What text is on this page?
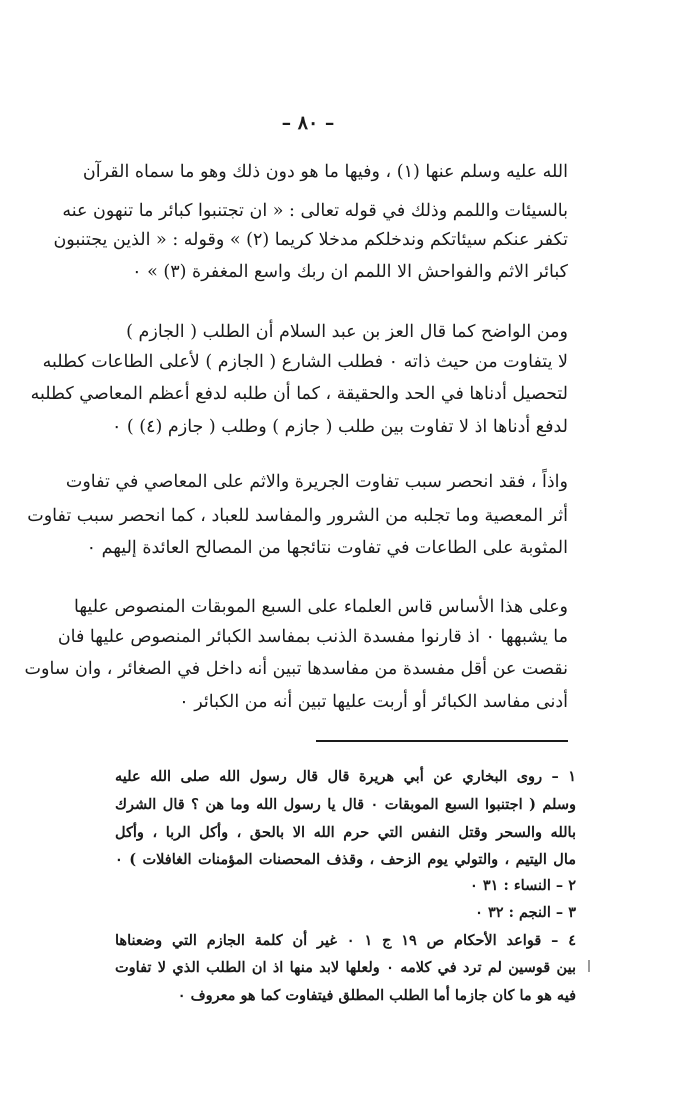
– ٨٠ –
الله عليه وسلم عنها (١) ، وفيها ما هو دون ذلك وهو ما سماه القرآن
بالسيئات واللمم وذلك في قوله تعالى : « ان تجتنبوا كبائر ما تنهون عنه
تكفر عنكم سيئاتكم وندخلكم مدخلا كريما (٢) » وقوله : « الذين يجتنبون
كبائر الاثم والفواحش الا اللمم ان ربك واسع المغفرة (٣) » ٠
ومن الواضح كما قال العز بن عبد السلام أن الطلب ( الجازم )
لا يتفاوت من حيث ذاته ٠ فطلب الشارع ( الجازم ) لأعلى الطاعات كطلبه
لتحصيل أدناها في الحد والحقيقة ، كما أن طلبه لدفع أعظم المعاصي كطلبه
لدفع أدناها اذ لا تفاوت بين طلب ( جازم ) وطلب ( جازم (٤) ) ٠
واذاً ، فقد انحصر سبب تفاوت الجريرة والاثم على المعاصي في تفاوت
أثر المعصية وما تجلبه من الشرور والمفاسد للعباد ، كما انحصر سبب تفاوت
المثوبة على الطاعات في تفاوت نتائجها من المصالح العائدة إليهم ٠
وعلى هذا الأساس قاس العلماء على السبع الموبقات المنصوص عليها
ما يشبهها ٠ اذ قارنوا مفسدة الذنب بمفاسد الكبائر المنصوص عليها فان
نقصت عن أقل مفسدة من مفاسدها تبين أنه داخل في الصغائر ، وان ساوت
أدنى مفاسد الكبائر أو أربت عليها تبين أنه من الكبائر ٠
١ – روى البخاري عن أبي هريرة قال قال رسول الله صلى الله عليه
وسلم ( اجتنبوا السبع الموبقات ٠ قال يا رسول الله وما هن ؟ قال الشرك
بالله والسحر وقتل النفس التي حرم الله الا بالحق ، وأكل الربا ، وأكل
مال اليتيم ، والتولي يوم الزحف ، وقذف المحصنات المؤمنات الغافلات ) ٠
٢ – النساء : ٣١ ٠
٣ – النجم : ٣٢ ٠
٤ – قواعد الأحكام ص ١٩ ج ١ ٠ غير أن كلمة الجازم التي وضعناها
بين قوسين لم ترد في كلامه ٠ ولعلها لابد منها اذ ان الطلب الذي لا تفاوت
فيه هو ما كان جازما أما الطلب المطلق فيتفاوت كما هو معروف ٠
